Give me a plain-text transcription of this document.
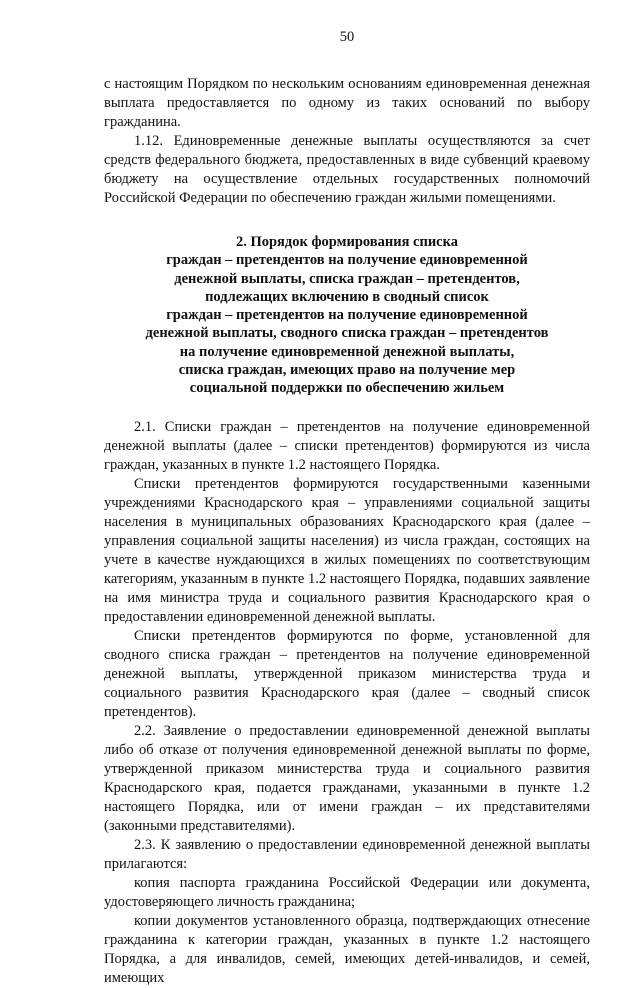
50

с настоящим Порядком по нескольким основаниям единовременная денежная выплата предоставляется по одному из таких оснований по выбору гражданина.

1.12. Единовременные денежные выплаты осуществляются за счет средств федерального бюджета, предоставленных в виде субвенций краевому бюджету на осуществление отдельных государственных полномочий Российской Федерации по обеспечению граждан жилыми помещениями.

2. Порядок формирования списка
граждан – претендентов на получение единовременной
денежной выплаты, списка граждан – претендентов,
подлежащих включению в сводный список
граждан – претендентов на получение единовременной
денежной выплаты, сводного списка граждан – претендентов
на получение единовременной денежной выплаты,
списка граждан, имеющих право на получение мер
социальной поддержки по обеспечению жильем

2.1. Списки граждан – претендентов на получение единовременной денежной выплаты (далее – списки претендентов) формируются из числа граждан, указанных в пункте 1.2 настоящего Порядка.

Списки претендентов формируются государственными казенными учреждениями Краснодарского края – управлениями социальной защиты населения в муниципальных образованиях Краснодарского края (далее – управления социальной защиты населения) из числа граждан, состоящих на учете в качестве нуждающихся в жилых помещениях по соответствующим категориям, указанным в пункте 1.2 настоящего Порядка, подавших заявление на имя министра труда и социального развития Краснодарского края о предоставлении единовременной денежной выплаты.

Списки претендентов формируются по форме, установленной для сводного списка граждан – претендентов на получение единовременной денежной выплаты, утвержденной приказом министерства труда и социального развития Краснодарского края (далее – сводный список претендентов).

2.2. Заявление о предоставлении единовременной денежной выплаты либо об отказе от получения единовременной денежной выплаты по форме, утвержденной приказом министерства труда и социального развития Краснодарского края, подается гражданами, указанными в пункте 1.2 настоящего Порядка, или от имени граждан – их представителями (законными представителями).

2.3. К заявлению о предоставлении единовременной денежной выплаты прилагаются:

копия паспорта гражданина Российской Федерации или документа, удостоверяющего личность гражданина;

копии документов установленного образца, подтверждающих отнесение гражданина к категории граждан, указанных в пункте 1.2 настоящего Порядка, а для инвалидов, семей, имеющих детей-инвалидов, и семей, имеющих
